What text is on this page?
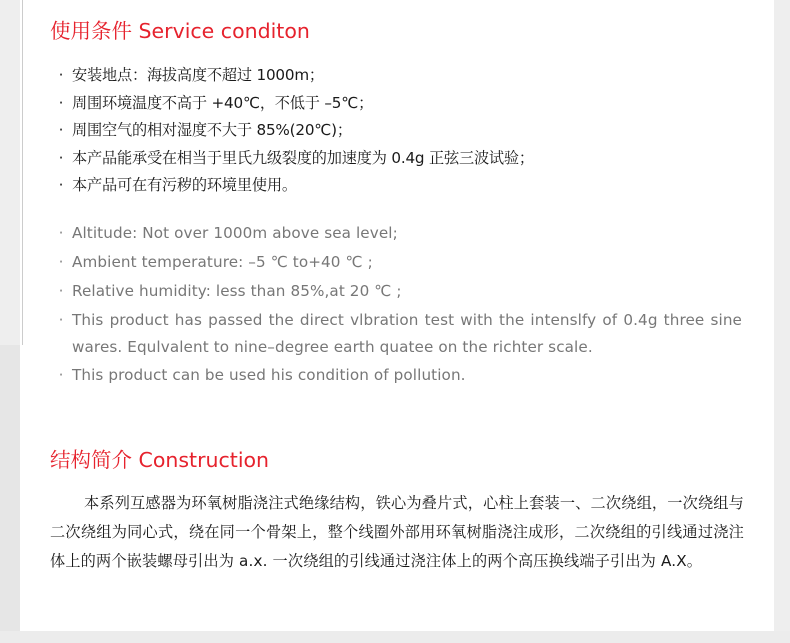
使用条件 Service conditon
· 安装地点：海拔高度不超过 1000m；
· 周围环境温度不高于 +40℃，不低于 –5℃；
· 周围空气的相对湿度不大于 85%(20℃)；
· 本产品能承受在相当于里氏九级裂度的加速度为 0.4g 正弦三波试验；
· 本产品可在有污秽的环境里使用。
· Altitude: Not over 1000m above sea level;
· Ambient temperature: –5 ℃ to+40 ℃ ;
· Relative humidity: less than 85%,at 20 ℃ ;
· This product has passed the direct vlbration test with the intenslfy of 0.4g three sine wares. Equlvalent to nine–degree earth quatee on the richter scale.
· This product can be used his condition of pollution.
结构简介 Construction

本系列互感器为环氧树脂浇注式绝缘结构，铁心为叠片式，心柱上套装一、二次绕组，一次绕组与二次绕组为同心式，绕在同一个骨架上，整个线圈外部用环氧树脂浇注成形，二次绕组的引线通过浇注体上的两个嵌装螺母引出为 a.x. 一次绕组的引线通过浇注体上的两个高压换线端子引出为 A.X。
